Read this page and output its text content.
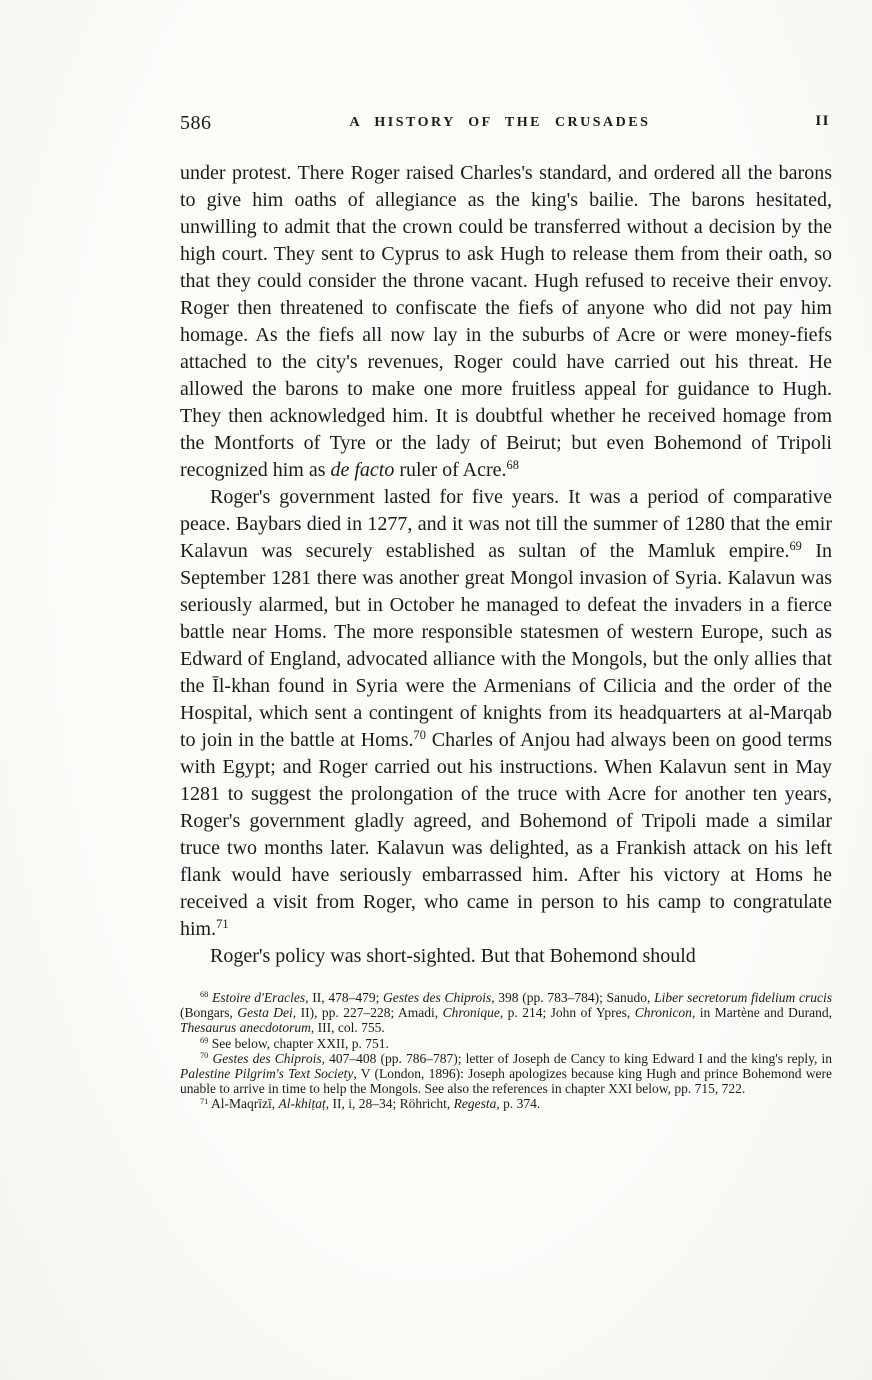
586	A HISTORY OF THE CRUSADES	II

under protest. There Roger raised Charles's standard, and ordered all the barons to give him oaths of allegiance as the king's bailie. The barons hesitated, unwilling to admit that the crown could be transferred without a decision by the high court. They sent to Cyprus to ask Hugh to release them from their oath, so that they could consider the throne vacant. Hugh refused to receive their envoy. Roger then threatened to confiscate the fiefs of anyone who did not pay him homage. As the fiefs all now lay in the suburbs of Acre or were money-fiefs attached to the city's revenues, Roger could have carried out his threat. He allowed the barons to make one more fruitless appeal for guidance to Hugh. They then acknowledged him. It is doubtful whether he received homage from the Montforts of Tyre or the lady of Beirut; but even Bohemond of Tripoli recognized him as de facto ruler of Acre.$^{68}$

Roger's government lasted for five years. It was a period of comparative peace. Baybars died in 1277, and it was not till the summer of 1280 that the emir Kalavun was securely established as sultan of the Mamluk empire.$^{69}$ In September 1281 there was another great Mongol invasion of Syria. Kalavun was seriously alarmed, but in October he managed to defeat the invaders in a fierce battle near Homs. The more responsible statesmen of western Europe, such as Edward of England, advocated alliance with the Mongols, but the only allies that the Īl-khan found in Syria were the Armenians of Cilicia and the order of the Hospital, which sent a contingent of knights from its headquarters at al-Marqab to join in the battle at Homs.$^{70}$ Charles of Anjou had always been on good terms with Egypt; and Roger carried out his instructions. When Kalavun sent in May 1281 to suggest the prolongation of the truce with Acre for another ten years, Roger's government gladly agreed, and Bohemond of Tripoli made a similar truce two months later. Kalavun was delighted, as a Frankish attack on his left flank would have seriously embarrassed him. After his victory at Homs he received a visit from Roger, who came in person to his camp to congratulate him.$^{71}$

Roger's policy was short-sighted. But that Bohemond should

$^{68}$ Estoire d'Eracles, II, 478–479; Gestes des Chiprois, 398 (pp. 783–784); Sanudo, Liber secretorum fidelium crucis (Bongars, Gesta Dei, II), pp. 227–228; Amadi, Chronique, p. 214; John of Ypres, Chronicon, in Martène and Durand, Thesaurus anecdotorum, III, col. 755.

$^{69}$ See below, chapter XXII, p. 751.

$^{70}$ Gestes des Chiprois, 407–408 (pp. 786–787); letter of Joseph de Cancy to king Edward I and the king's reply, in Palestine Pilgrim's Text Society, V (London, 1896): Joseph apologizes because king Hugh and prince Bohemond were unable to arrive in time to help the Mongols. See also the references in chapter XXI below, pp. 715, 722.

$^{71}$ Al-Maqrīzī, Al-khiṭaṭ, II, i, 28–34; Röhricht, Regesta, p. 374.
